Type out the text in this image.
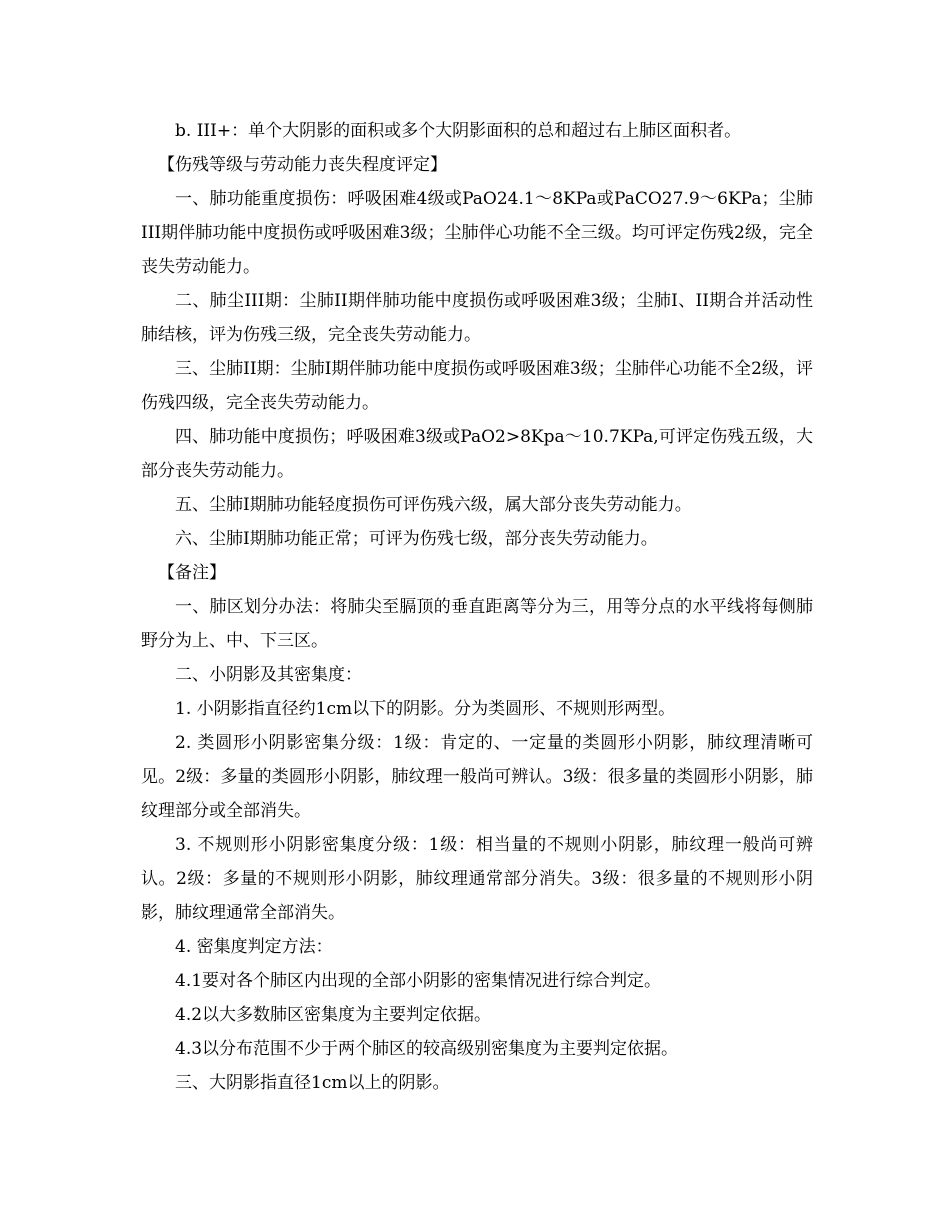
b. III+：单个大阴影的面积或多个大阴影面积的总和超过右上肺区面积者。

【伤残等级与劳动能力丧失程度评定】

一、肺功能重度损伤：呼吸困难4级或PaO24.1～8KPa或PaCO27.9～6KPa；尘肺III期伴肺功能中度损伤或呼吸困难3级；尘肺伴心功能不全三级。均可评定伤残2级，完全丧失劳动能力。

二、肺尘III期：尘肺II期伴肺功能中度损伤或呼吸困难3级；尘肺I、II期合并活动性肺结核，评为伤残三级，完全丧失劳动能力。

三、尘肺II期：尘肺I期伴肺功能中度损伤或呼吸困难3级；尘肺伴心功能不全2级，评伤残四级，完全丧失劳动能力。

四、肺功能中度损伤；呼吸困难3级或PaO2>8Kpa～10.7KPa,可评定伤残五级，大部分丧失劳动能力。

五、尘肺I期肺功能轻度损伤可评伤残六级，属大部分丧失劳动能力。

六、尘肺I期肺功能正常；可评为伤残七级，部分丧失劳动能力。

【备注】

一、肺区划分办法：将肺尖至膈顶的垂直距离等分为三，用等分点的水平线将每侧肺野分为上、中、下三区。

二、小阴影及其密集度：

1. 小阴影指直径约1cm以下的阴影。分为类圆形、不规则形两型。

2. 类圆形小阴影密集分级：1级：肯定的、一定量的类圆形小阴影，肺纹理清晰可见。2级：多量的类圆形小阴影，肺纹理一般尚可辨认。3级：很多量的类圆形小阴影，肺纹理部分或全部消失。

3. 不规则形小阴影密集度分级：1级：相当量的不规则小阴影，肺纹理一般尚可辨认。2级：多量的不规则形小阴影，肺纹理通常部分消失。3级：很多量的不规则形小阴影，肺纹理通常全部消失。

4. 密集度判定方法：

4.1要对各个肺区内出现的全部小阴影的密集情况进行综合判定。

4.2以大多数肺区密集度为主要判定依据。

4.3以分布范围不少于两个肺区的较高级别密集度为主要判定依据。

三、大阴影指直径1cm以上的阴影。
